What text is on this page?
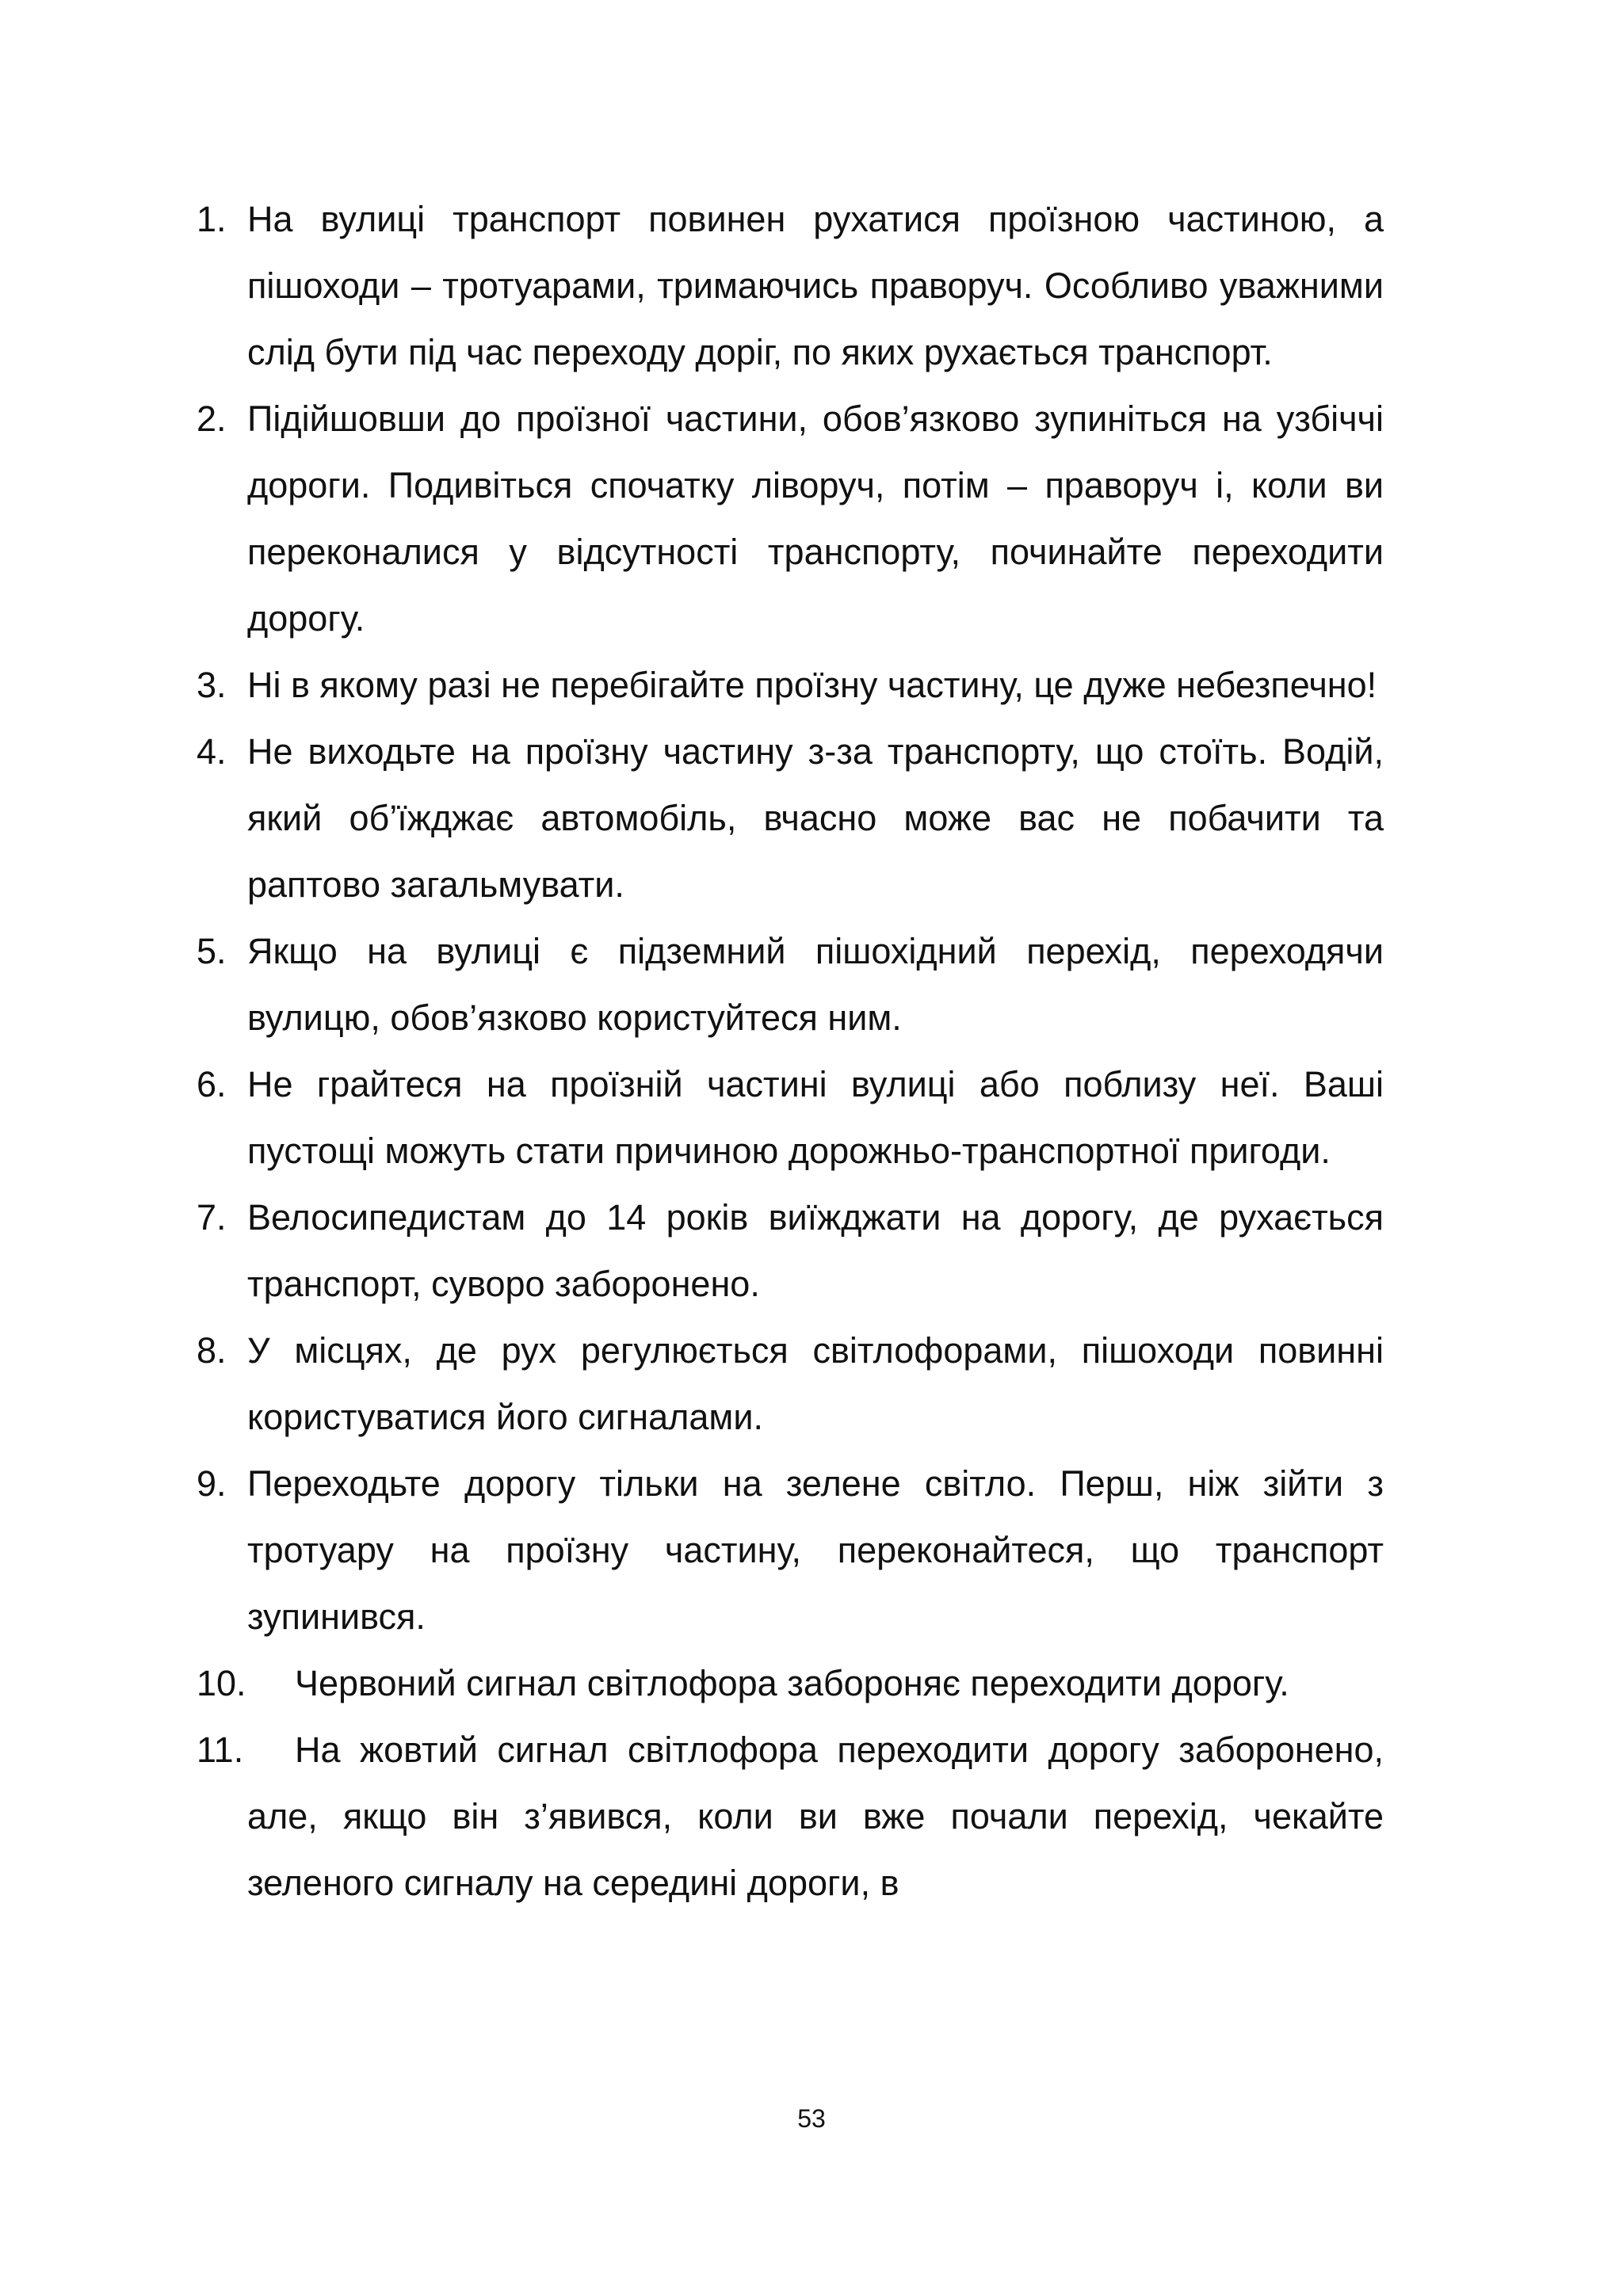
1. На вулиці транспорт повинен рухатися проїзною частиною, а пішоходи – тротуарами, тримаючись праворуч. Особливо уважними слід бути під час переходу доріг, по яких рухається транспорт.
2. Підійшовши до проїзної частини, обов’язково зупиніться на узбіччі дороги. Подивіться спочатку ліворуч, потім – праворуч і, коли ви переконалися у відсутності транспорту, починайте переходити дорогу.
3. Ні в якому разі не перебігайте проїзну частину, це дуже небезпечно!
4. Не виходьте на проїзну частину з-за транспорту, що стоїть. Водій, який об’їжджає автомобіль, вчасно може вас не побачити та раптово загальмувати.
5. Якщо на вулиці є підземний пішохідний перехід, переходячи вулицю, обов’язково користуйтеся ним.
6. Не грайтеся на проїзній частині вулиці або поблизу неї. Ваші пустощі можуть стати причиною дорожньо-транспортної пригоди.
7. Велосипедистам до 14 років виїжджати на дорогу, де рухається транспорт, суворо заборонено.
8. У місцях, де рух регулюється світлофорами, пішоходи повинні користуватися його сигналами.
9. Переходьте дорогу тільки на зелене світло. Перш, ніж зійти з тротуару на проїзну частину, переконайтеся, що транспорт зупинився.
10. Червоний сигнал світлофора забороняє переходити дорогу.
11. На жовтий сигнал світлофора переходити дорогу заборонено, але, якщо він з’явився, коли ви вже почали перехід, чекайте зеленого сигналу на середині дороги, в
53
